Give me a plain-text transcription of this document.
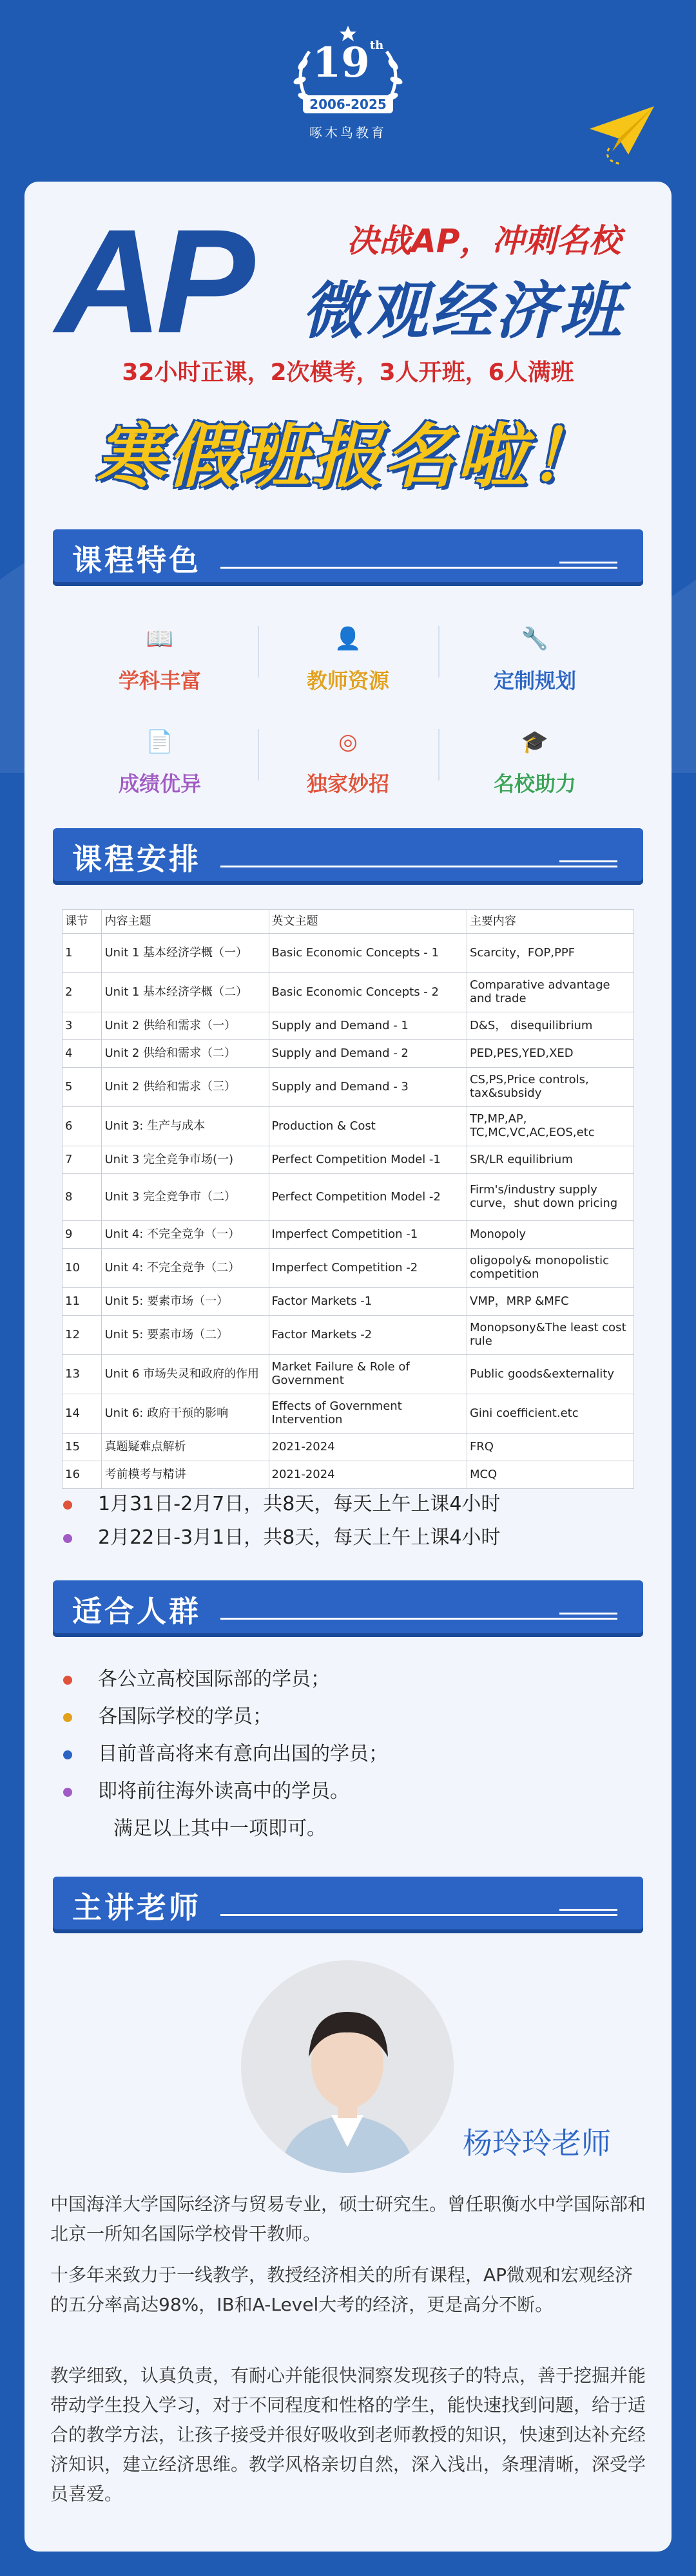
19th
2006-2025
啄木鸟教育
AP	决战AP，冲刺名校
微观经济班
32小时正课，2次模考，3人开班，6人满班
寒假班报名啦！
课程特色
📖
学科丰富
👤
教师资源
🔧
定制规划
📄
成绩优异
◎
独家妙招
🎓
名校助力
课程安排
课节	内容主题	英文主题	主要内容
1	Unit 1 基本经济学概（一）	Basic Economic Concepts - 1	Scarcity，FOP,PPF
2	Unit 1 基本经济学概（二）	Basic Economic Concepts - 2	Comparative advantage and trade
3	Unit 2 供给和需求（一）	Supply and Demand - 1	D&S， disequilibrium
4	Unit 2 供给和需求（二）	Supply and Demand - 2	PED,PES,YED,XED
5	Unit 2 供给和需求（三）	Supply and Demand - 3	CS,PS,Price controls, tax&subsidy
6	Unit 3: 生产与成本	Production & Cost	TP,MP,AP, TC,MC,VC,AC,EOS,etc
7	Unit 3 完全竞争市场(一)	Perfect Competition Model -1	SR/LR equilibrium
8	Unit 3 完全竞争市（二）	Perfect Competition Model -2	Firm's/industry supply curve，shut down pricing
9	Unit 4: 不完全竞争（一）	Imperfect Competition -1	Monopoly
10	Unit 4: 不完全竞争（二）	Imperfect Competition -2	oligopoly& monopolistic competition
11	Unit 5: 要素市场（一）	Factor Markets -1	VMP，MRP &MFC
12	Unit 5: 要素市场（二）	Factor Markets -2	Monopsony&The least cost rule
13	Unit 6 市场失灵和政府的作用	Market Failure & Role of Government	Public goods&externality
14	Unit 6: 政府干预的影响	Effects of Government Intervention	Gini coefficient.etc
15	真题疑难点解析	2021-2024	FRQ
16	考前模考与精讲	2021-2024	MCQ
1月31日-2月7日，共8天，每天上午上课4小时
2月22日-3月1日，共8天，每天上午上课4小时
适合人群
各公立高校国际部的学员；
各国际学校的学员；
目前普高将来有意向出国的学员；
即将前往海外读高中的学员。
满足以上其中一项即可。
主讲老师
杨玲玲老师
中国海洋大学国际经济与贸易专业，硕士研究生。曾任职衡水中学国际部和北京一所知名国际学校骨干教师。
十多年来致力于一线教学，教授经济相关的所有课程，AP微观和宏观经济的五分率高达98%，IB和A-Level大考的经济，更是高分不断。
教学细致，认真负责，有耐心并能很快洞察发现孩子的特点，善于挖掘并能带动学生投入学习，对于不同程度和性格的学生，能快速找到问题，给于适合的教学方法，让孩子接受并很好吸收到老师教授的知识，快速到达补充经济知识，建立经济思维。教学风格亲切自然，深入浅出，条理清晰，深受学员喜爱。
